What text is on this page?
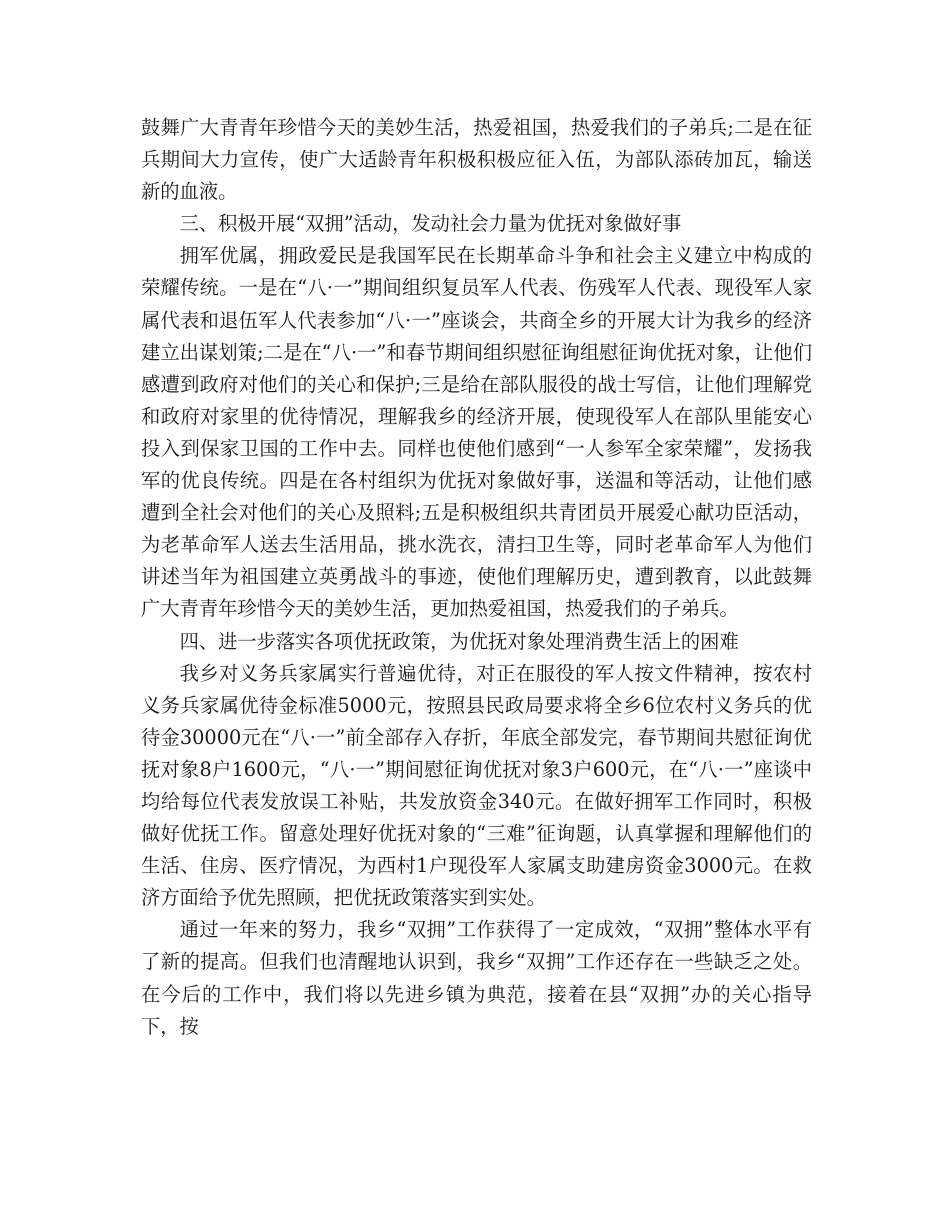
鼓舞广大青青年珍惜今天的美妙生活，热爱祖国，热爱我们的子弟兵;二是在征兵期间大力宣传，使广大适龄青年积极积极应征入伍，为部队添砖加瓦，输送新的血液。

三、积极开展“双拥”活动，发动社会力量为优抚对象做好事

拥军优属，拥政爱民是我国军民在长期革命斗争和社会主义建立中构成的荣耀传统。一是在“八·一”期间组织复员军人代表、伤残军人代表、现役军人家属代表和退伍军人代表参加“八·一”座谈会，共商全乡的开展大计为我乡的经济建立出谋划策;二是在“八·一”和春节期间组织慰征询组慰征询优抚对象，让他们感遭到政府对他们的关心和保护;三是给在部队服役的战士写信，让他们理解党和政府对家里的优待情况，理解我乡的经济开展，使现役军人在部队里能安心投入到保家卫国的工作中去。同样也使他们感到“一人参军全家荣耀”，发扬我军的优良传统。四是在各村组织为优抚对象做好事，送温和等活动，让他们感遭到全社会对他们的关心及照料;五是积极组织共青团员开展爱心献功臣活动，为老革命军人送去生活用品，挑水洗衣，清扫卫生等，同时老革命军人为他们讲述当年为祖国建立英勇战斗的事迹，使他们理解历史，遭到教育，以此鼓舞广大青青年珍惜今天的美妙生活，更加热爱祖国，热爱我们的子弟兵。

四、进一步落实各项优抚政策，为优抚对象处理消费生活上的困难

我乡对义务兵家属实行普遍优待，对正在服役的军人按文件精神，按农村义务兵家属优待金标准5000元，按照县民政局要求将全乡6位农村义务兵的优待金30000元在“八·一”前全部存入存折，年底全部发完，春节期间共慰征询优抚对象8户1600元，“八·一”期间慰征询优抚对象3户600元，在“八·一”座谈中均给每位代表发放误工补贴，共发放资金340元。在做好拥军工作同时，积极做好优抚工作。留意处理好优抚对象的“三难”征询题，认真掌握和理解他们的生活、住房、医疗情况，为西村1户现役军人家属支助建房资金3000元。在救济方面给予优先照顾，把优抚政策落实到实处。

通过一年来的努力，我乡“双拥”工作获得了一定成效，“双拥”整体水平有了新的提高。但我们也清醒地认识到，我乡“双拥”工作还存在一些缺乏之处。在今后的工作中，我们将以先进乡镇为典范，接着在县“双拥”办的关心指导下，按
